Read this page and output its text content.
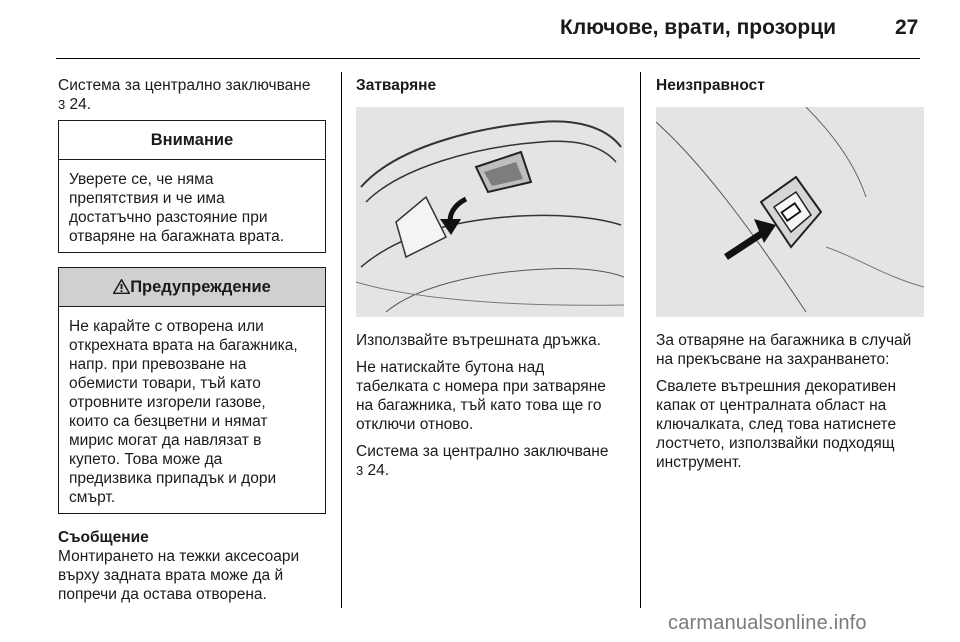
Ключове, врати, прозорци	27

Система за централно заключване
3 24.

Внимание
Уверете се, че няма
препятствия и че има
достатъчно разстояние при
отваряне на багажната врата.
Предупреждение
Не карайте с отворена или
открехната врата на багажника,
напр. при превозване на
обемисти товари, тъй като
отровните изгорели газове,
които са безцветни и нямат
мирис могат да навлязат в
купето. Това може да
предизвика припадък и дори
смърт.
Съобщение
Монтирането на тежки аксесоари
върху задната врата може да й
попречи да остава отворена.
Затваряне

Използвайте вътрешната дръжка.

Не натискайте бутона над
табелката с номера при затваряне
на багажника, тъй като това ще го
отключи отново.

Система за централно заключване
3 24.

Неизправност

За отваряне на багажника в случай
на прекъсване на захранването:

Свалете вътрешния декоративен
капак от централната област на
ключалката, след това натиснете
лостчето, използвайки подходящ
инструмент.

carmanualsonline.info
